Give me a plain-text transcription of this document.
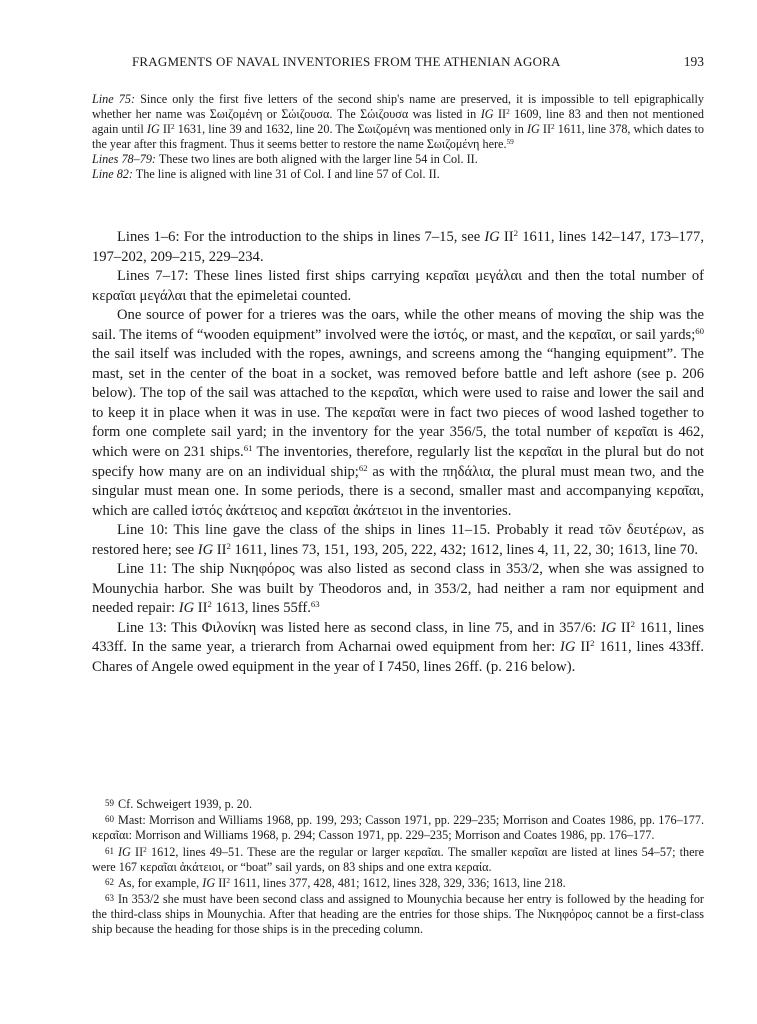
FRAGMENTS OF NAVAL INVENTORIES FROM THE ATHENIAN AGORA	193

Line 75: Since only the first five letters of the second ship's name are preserved, it is impossible to tell epigraphically whether her name was Σωιζομένη or Σώιζουσα. The Σώιζουσα was listed in IG $II^2$ 1609, line 83 and then not mentioned again until IG $II^2$ 1631, line 39 and 1632, line 20. The Σωιζομένη was mentioned only in IG $II^2$ 1611, line 378, which dates to the year after this fragment. Thus it seems better to restore the name Σωιζομένη here.$^{59}$

Lines 78–79: These two lines are both aligned with the larger line 54 in Col. II.

Line 82: The line is aligned with line 31 of Col. I and line 57 of Col. II.

Lines 1–6: For the introduction to the ships in lines 7–15, see IG $II^2$ 1611, lines 142–147, 173–177, 197–202, 209–215, 229–234.

Lines 7–17: These lines listed first ships carrying κεραῖαι μεγάλαι and then the total number of κεραῖαι μεγάλαι that the epimeletai counted.

One source of power for a trieres was the oars, while the other means of moving the ship was the sail. The items of “wooden equipment” involved were the ἱστός, or mast, and the κεραῖαι, or sail yards;$^{60}$ the sail itself was included with the ropes, awnings, and screens among the “hanging equipment”. The mast, set in the center of the boat in a socket, was removed before battle and left ashore (see p. 206 below). The top of the sail was attached to the κεραῖαι, which were used to raise and lower the sail and to keep it in place when it was in use. The κεραῖαι were in fact two pieces of wood lashed together to form one complete sail yard; in the inventory for the year 356/5, the total number of κεραῖαι is 462, which were on 231 ships.$^{61}$ The inventories, therefore, regularly list the κεραῖαι in the plural but do not specify how many are on an individual ship;$^{62}$ as with the πηδάλια, the plural must mean two, and the singular must mean one. In some periods, there is a second, smaller mast and accompanying κεραῖαι, which are called ἱστός ἀκάτειος and κεραῖαι ἀκάτειοι in the inventories.

Line 10: This line gave the class of the ships in lines 11–15. Probably it read τῶν δευτέρων, as restored here; see IG $II^2$ 1611, lines 73, 151, 193, 205, 222, 432; 1612, lines 4, 11, 22, 30; 1613, line 70.

Line 11: The ship Νικηφόρος was also listed as second class in 353/2, when she was assigned to Mounychia harbor. She was built by Theodoros and, in 353/2, had neither a ram nor equipment and needed repair: IG $II^2$ 1613, lines 55ff.$^{63}$

Line 13: This Φιλονίκη was listed here as second class, in line 75, and in 357/6: IG $II^2$ 1611, lines 433ff. In the same year, a trierarch from Acharnai owed equipment from her: IG $II^2$ 1611, lines 433ff. Chares of Angele owed equipment in the year of I 7450, lines 26ff. (p. 216 below).

59 Cf. Schweigert 1939, p. 20.

60 Mast: Morrison and Williams 1968, pp. 199, 293; Casson 1971, pp. 229–235; Morrison and Coates 1986, pp. 176–177. κεραῖαι: Morrison and Williams 1968, p. 294; Casson 1971, pp. 229–235; Morrison and Coates 1986, pp. 176–177.

61 IG $II^2$ 1612, lines 49–51. These are the regular or larger κεραῖαι. The smaller κεραῖαι are listed at lines 54–57; there were 167 κεραῖαι ἀκάτειοι, or “boat” sail yards, on 83 ships and one extra κεραία.

62 As, for example, IG $II^2$ 1611, lines 377, 428, 481; 1612, lines 328, 329, 336; 1613, line 218.

63 In 353/2 she must have been second class and assigned to Mounychia because her entry is followed by the heading for the third-class ships in Mounychia. After that heading are the entries for those ships. The Νικηφόρος cannot be a first-class ship because the heading for those ships is in the preceding column.
